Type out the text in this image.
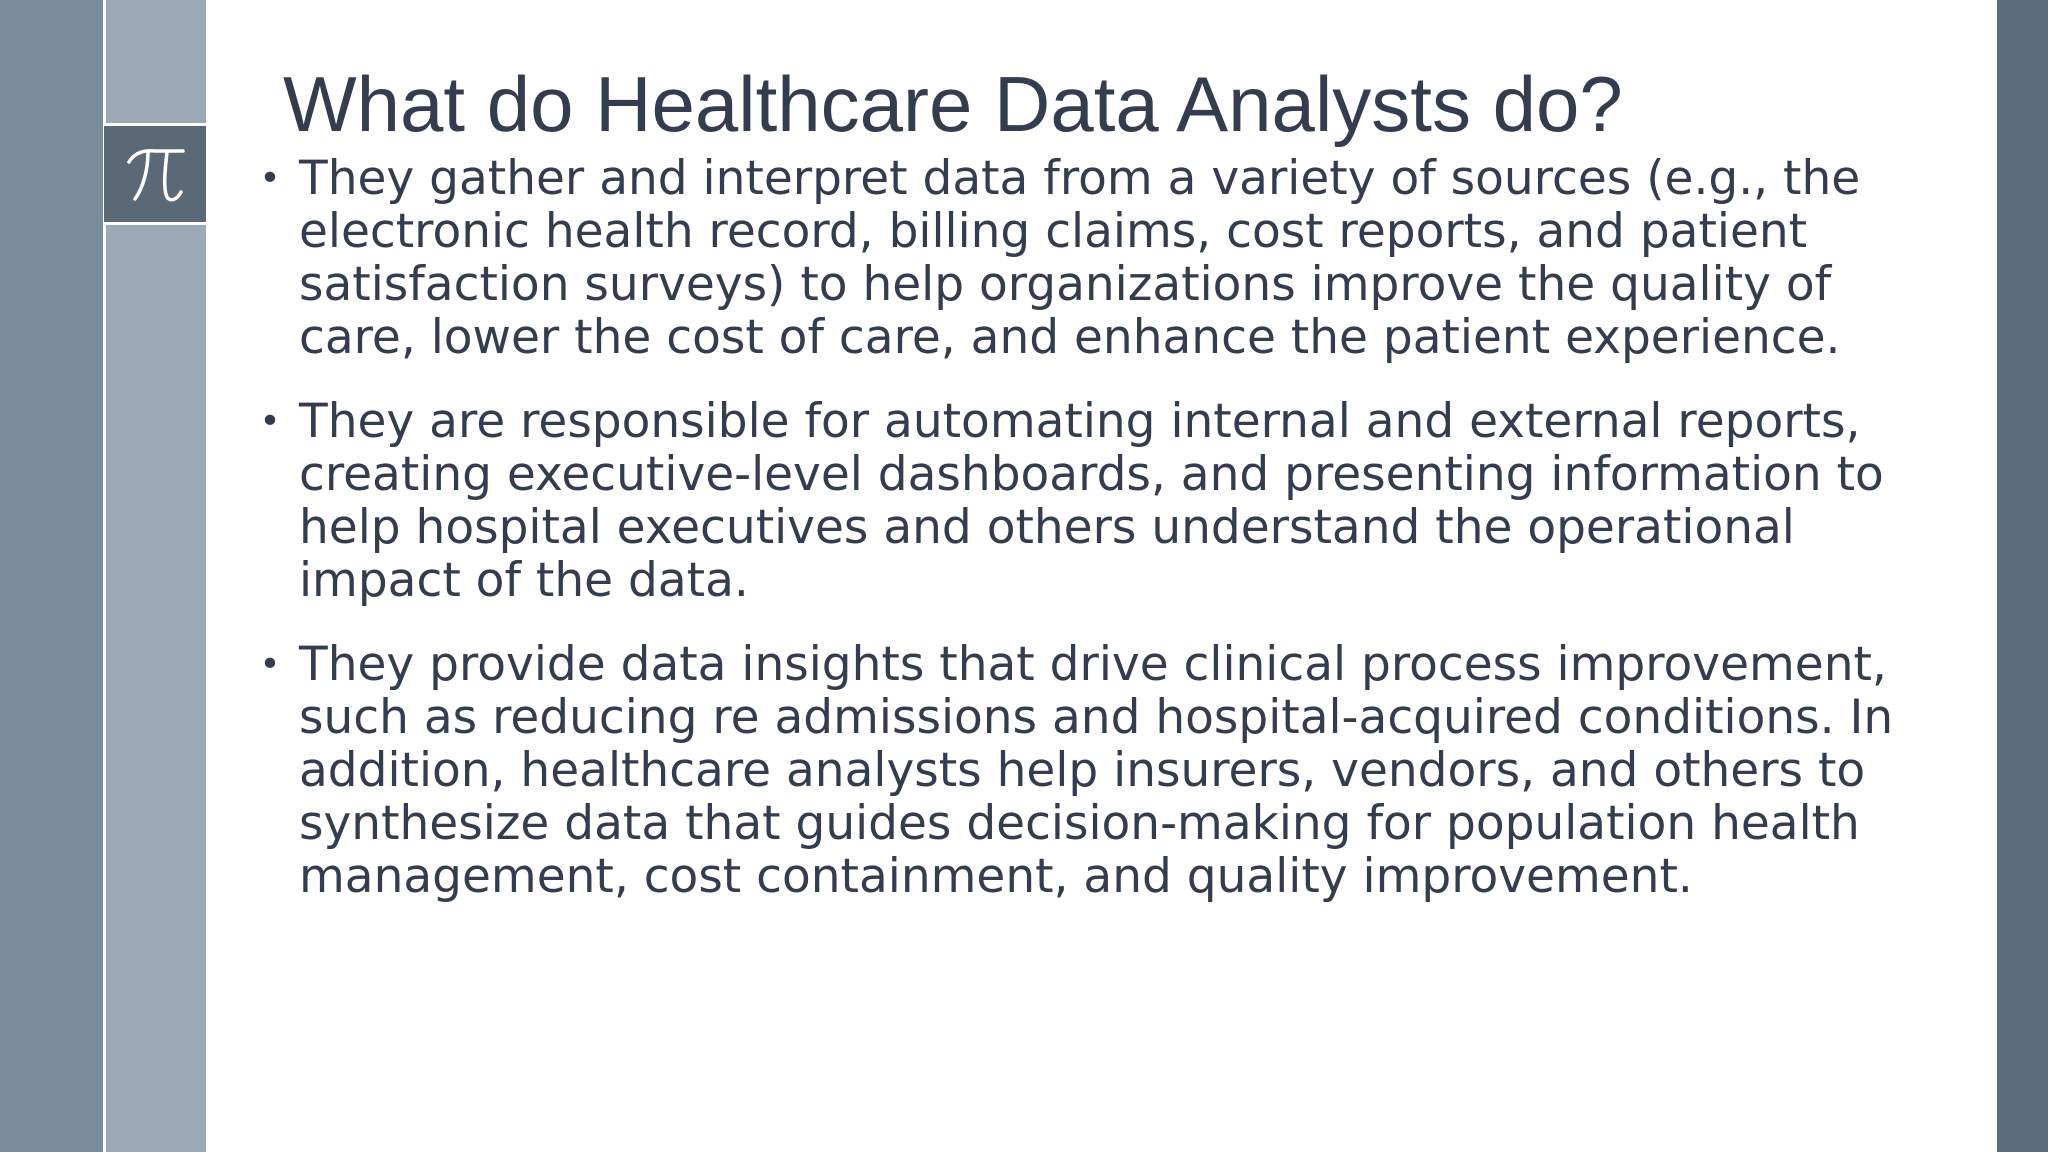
What do Healthcare Data Analysts do?
• They gather and interpret data from a variety of sources (e.g., the electronic health record, billing claims, cost reports, and patient satisfaction surveys) to help organizations improve the quality of care, lower the cost of care, and enhance the patient experience.
• They are responsible for automating internal and external reports, creating executive-level dashboards, and presenting information to help hospital executives and others understand the operational impact of the data.
• They provide data insights that drive clinical process improvement, such as reducing re admissions and hospital-acquired conditions. In addition, healthcare analysts help insurers, vendors, and others to synthesize data that guides decision-making for population health management, cost containment, and quality improvement.
